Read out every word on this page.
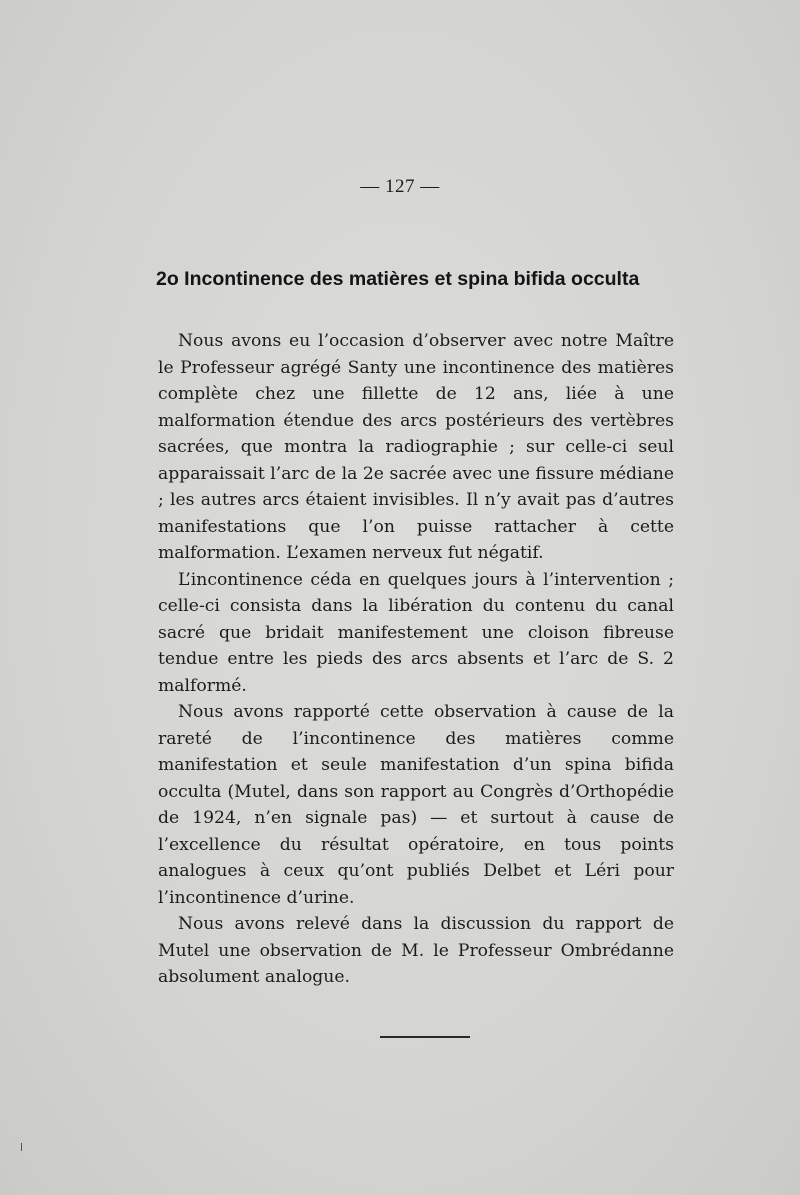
— 127 —
2o Incontinence des matières et spina bifida occulta

Nous avons eu l’occasion d’observer avec notre Maître le Professeur agrégé Santy une incontinence des matières complète chez une fillette de 12 ans, liée à une malformation étendue des arcs postérieurs des vertèbres sacrées, que montra la radiographie ; sur celle-ci seul apparaissait l’arc de la 2e sacrée avec une fissure médiane ; les autres arcs étaient invisibles. Il n’y avait pas d’autres manifestations que l’on puisse rattacher à cette malformation. L’examen nerveux fut négatif.

L’incontinence céda en quelques jours à l’intervention ; celle-ci consista dans la libération du contenu du canal sacré que bridait manifestement une cloison fibreuse tendue entre les pieds des arcs absents et l’arc de S. 2 malformé.

Nous avons rapporté cette observation à cause de la rareté de l’incontinence des matières comme manifestation et seule manifestation d’un spina bifida occulta (Mutel, dans son rapport au Congrès d’Orthopédie de 1924, n’en signale pas) — et surtout à cause de l’excellence du résultat opératoire, en tous points analogues à ceux qu’ont publiés Delbet et Léri pour l’incontinence d’urine.

Nous avons relevé dans la discussion du rapport de Mutel une observation de M. le Professeur Ombrédanne absolument analogue.
